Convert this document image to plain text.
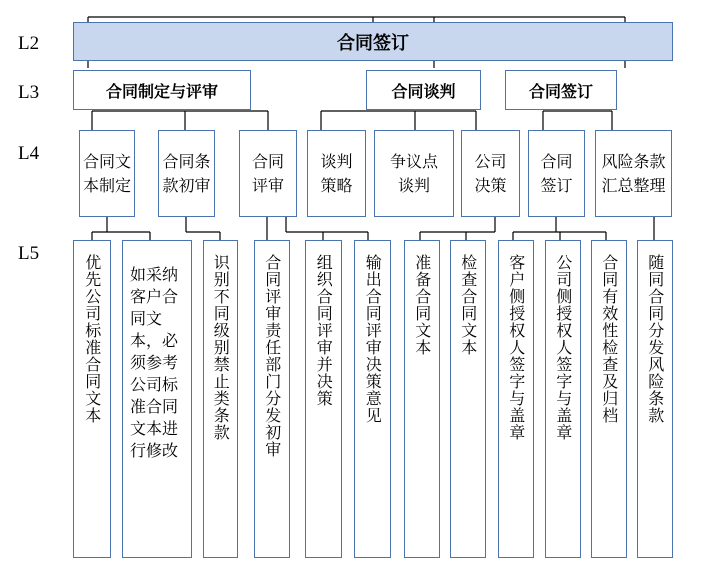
L2
L3
L4
L5
合同签订
合同制定与评审	合同谈判	合同签订
合同文本制定
合同条款初审
合同评审
谈判策略
争议点谈判
公司决策
合同签订
风险条款汇总整理
优先公司标准合同文本 如采纳客户合同文本，必须参考公司标准合同文本进行修改
识别不同级别禁止类条款 合同评审责任部门分发初审 组织合同评审并决策 输出合同评审决策意见 准备合同文本 检查合同文本 客户侧授权人签字与盖章 公司侧授权人签字与盖章 合同有效性检查及归档 随同合同分发风险条款
